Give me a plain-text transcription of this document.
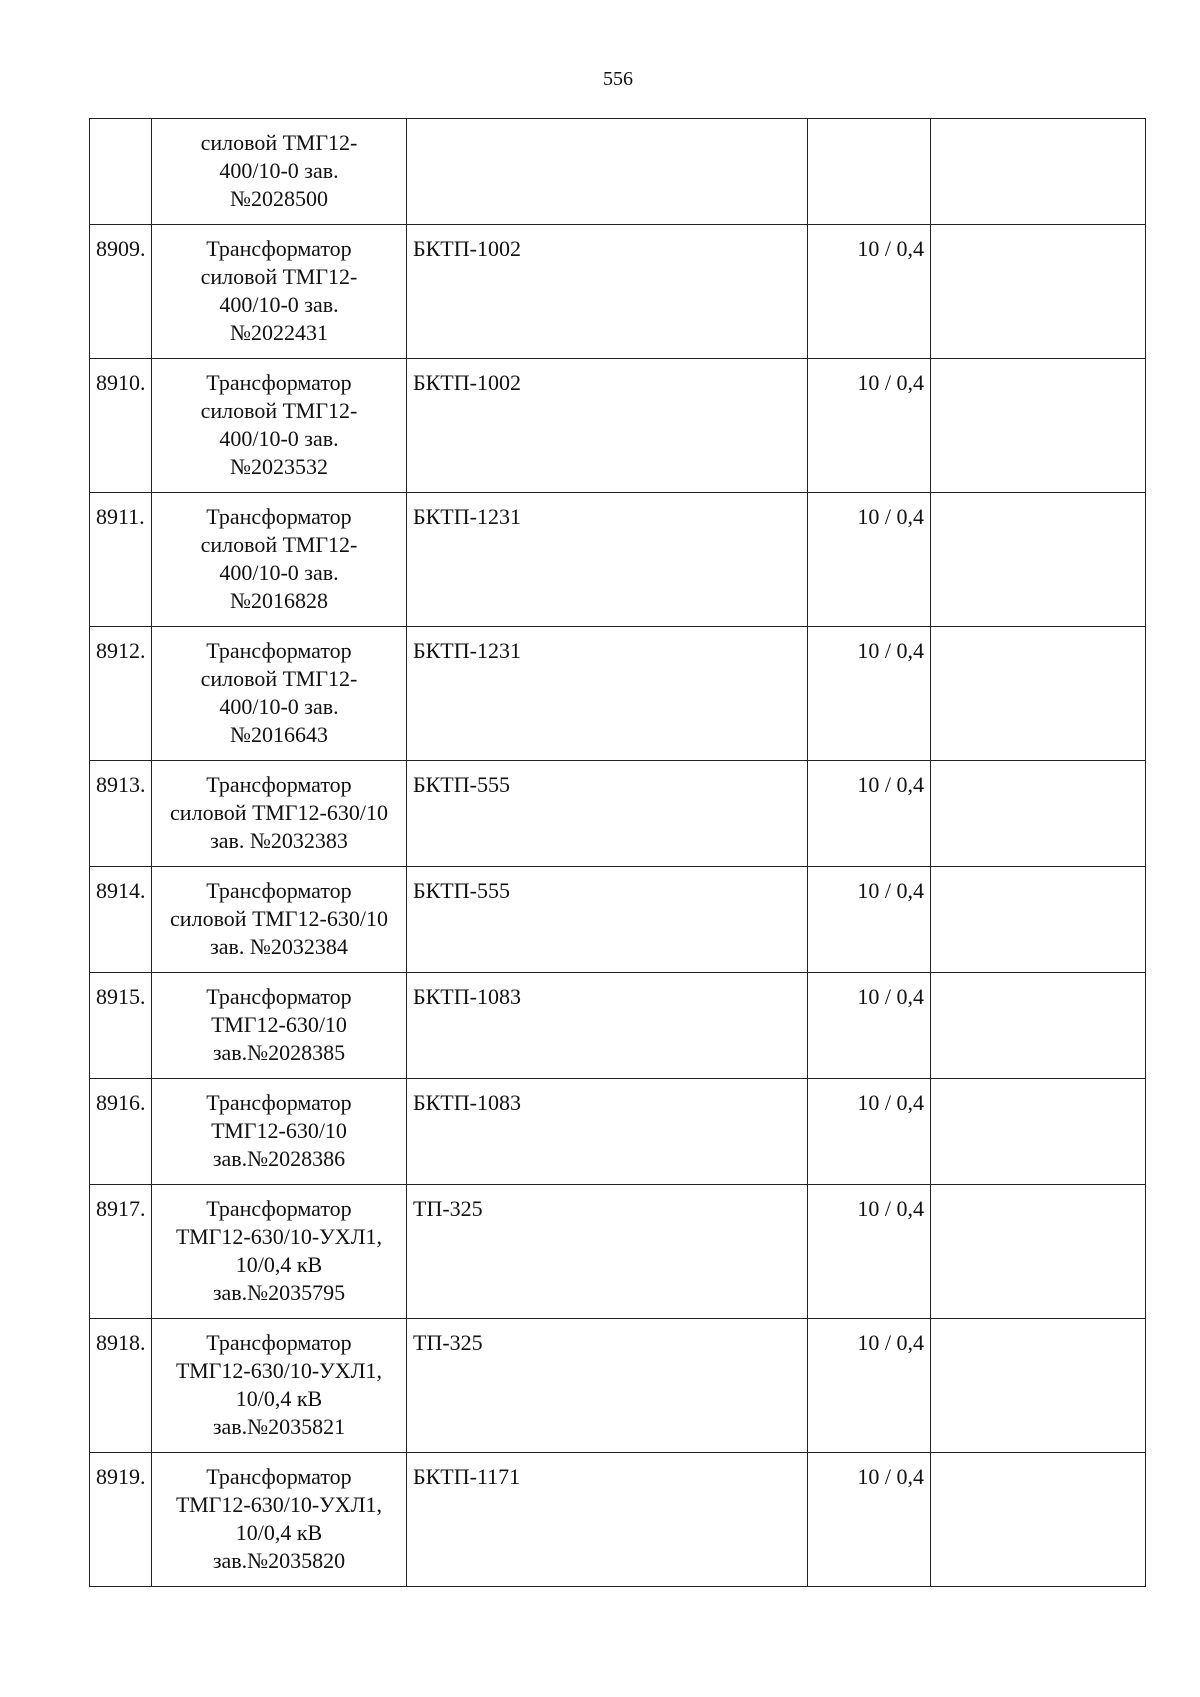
556

	силовой ТМГ12-
400/10-0 зав.
№2028500			

8909.	Трансформатор
силовой ТМГ12-
400/10-0 зав.
№2022431	БКТП-1002	10 / 0,4	
8910.	Трансформатор
силовой ТМГ12-
400/10-0 зав.
№2023532	БКТП-1002	10 / 0,4	
8911.	Трансформатор
силовой ТМГ12-
400/10-0 зав.
№2016828	БКТП-1231	10 / 0,4	
8912.	Трансформатор
силовой ТМГ12-
400/10-0 зав.
№2016643	БКТП-1231	10 / 0,4	
8913.	Трансформатор
силовой ТМГ12-630/10
зав. №2032383	БКТП-555	10 / 0,4	
8914.	Трансформатор
силовой ТМГ12-630/10
зав. №2032384	БКТП-555	10 / 0,4	
8915.	Трансформатор
ТМГ12-630/10
зав.№2028385	БКТП-1083	10 / 0,4	
8916.	Трансформатор
ТМГ12-630/10
зав.№2028386	БКТП-1083	10 / 0,4	
8917.	Трансформатор
ТМГ12-630/10-УХЛ1,
10/0,4 кВ
зав.№2035795	ТП-325	10 / 0,4	
8918.	Трансформатор
ТМГ12-630/10-УХЛ1,
10/0,4 кВ
зав.№2035821	ТП-325	10 / 0,4	
8919.	Трансформатор
ТМГ12-630/10-УХЛ1,
10/0,4 кВ
зав.№2035820	БКТП-1171	10 / 0,4	
